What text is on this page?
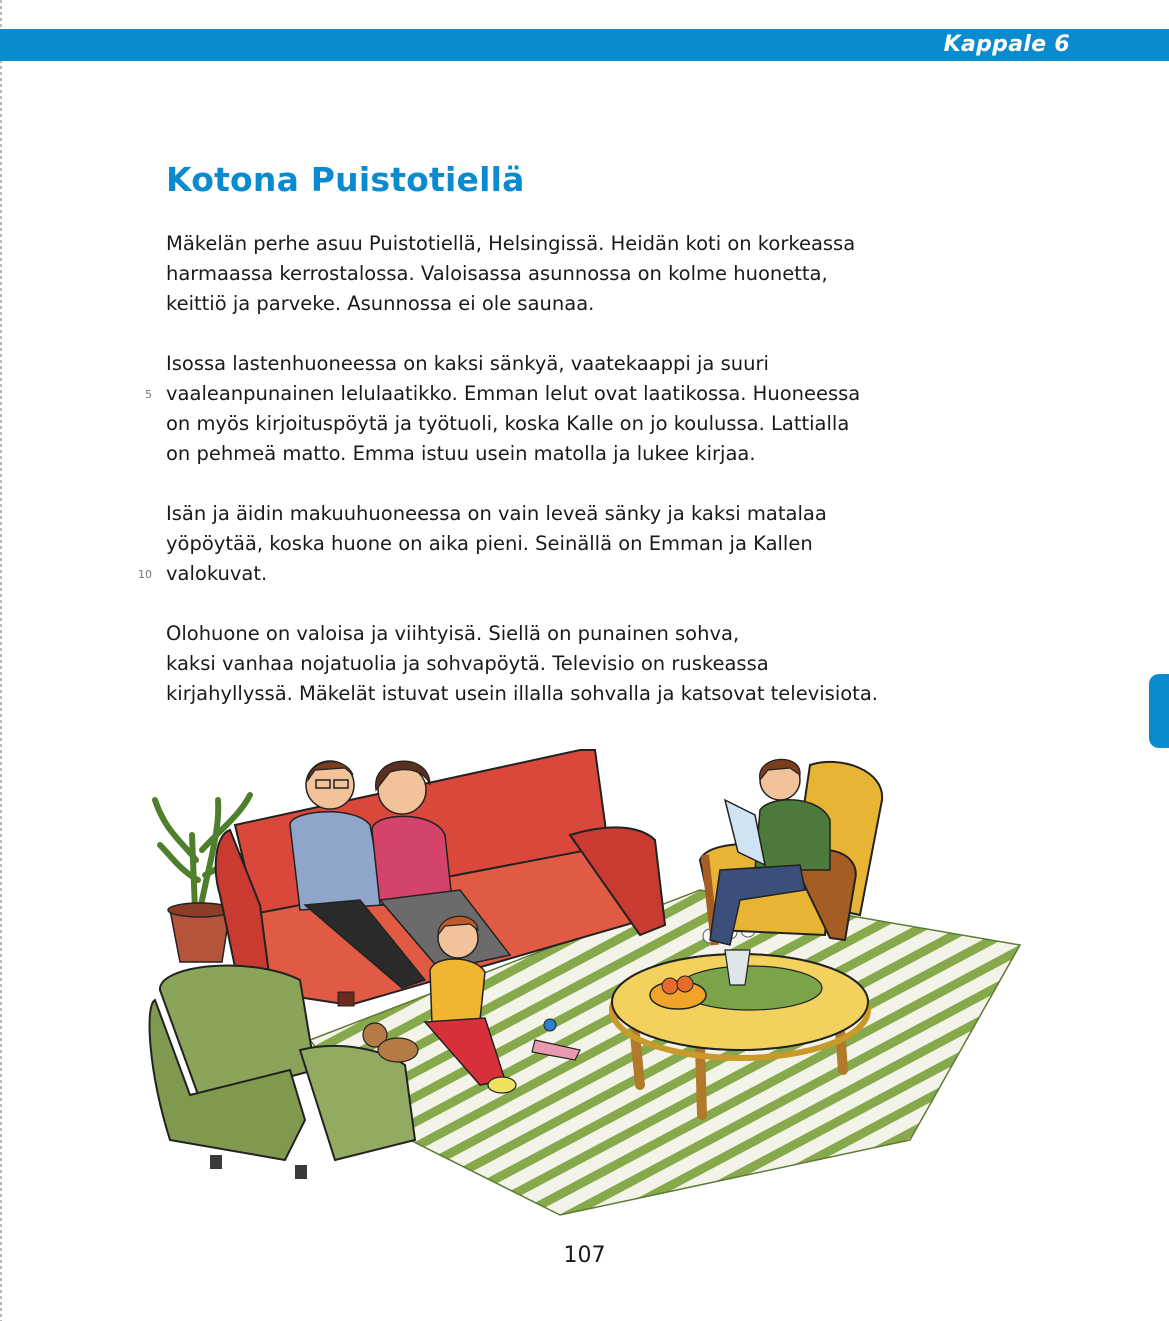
Kappale 6
Kotona Puistotiellä
Mäkelän perhe asuu Puistotiellä, Helsingissä. Heidän koti on korkeassa
harmaassa kerrostalossa. Valoisassa asunnossa on kolme huonetta,
keittiö ja parveke. Asunnossa ei ole saunaa.
Isossa lastenhuoneessa on kaksi sänkyä, vaatekaappi ja suuri
5 vaaleanpunainen lelulaatikko. Emman lelut ovat laatikossa. Huoneessa
on myös kirjoituspöytä ja työtuoli, koska Kalle on jo koulussa. Lattialla
on pehmeä matto. Emma istuu usein matolla ja lukee kirjaa.
Isän ja äidin makuuhuoneessa on vain leveä sänky ja kaksi matalaa
yöpöytää, koska huone on aika pieni. Seinällä on Emman ja Kallen
10 valokuvat.
Olohuone on valoisa ja viihtyisä. Siellä on punainen sohva,
kaksi vanhaa nojatuolia ja sohvapöytä. Televisio on ruskeassa
kirjahyllyssä. Mäkelät istuvat usein illalla sohvalla ja katsovat televisiota.
107
